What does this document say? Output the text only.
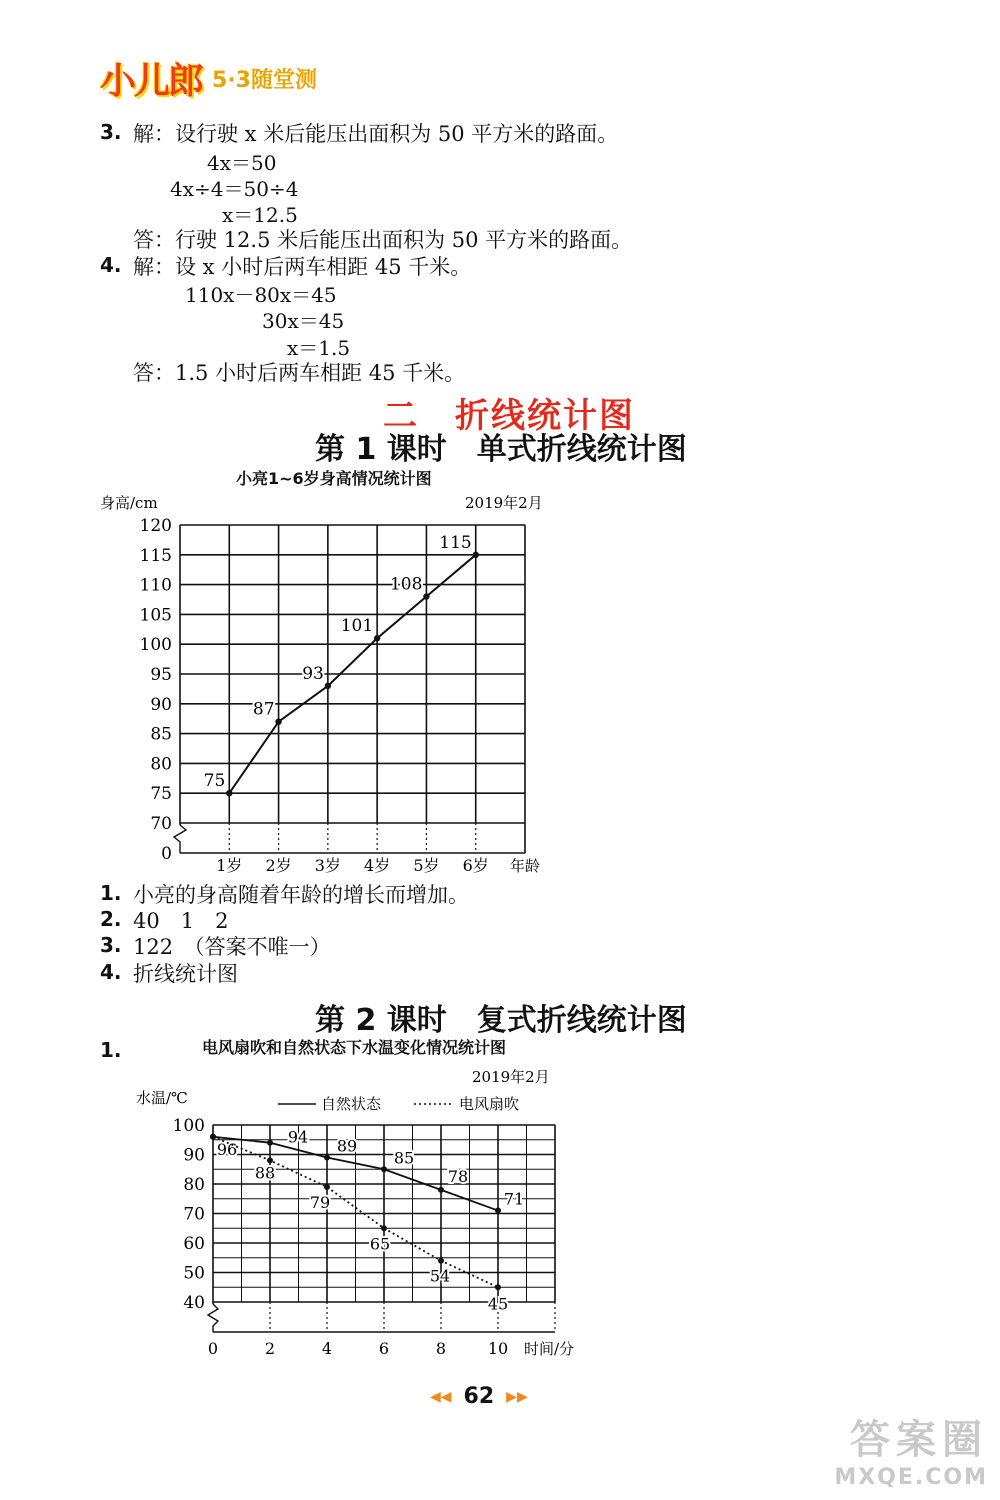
小儿郎 5·3随堂测
3. 解：设行驶 x 米后能压出面积为 50 平方米的路面。
4x＝50
4x÷4＝50÷4
x＝12.5
答：行驶 12.5 米后能压出面积为 50 平方米的路面。
4. 解：设 x 小时后两车相距 45 千米。
110x－80x＝45
30x＝45
x＝1.5
答：1.5 小时后两车相距 45 千米。
二　折线统计图
第 1 课时　单式折线统计图
小亮1~6岁身高情况统计图
身高/cm	2019年2月
0
70
75
80
85
90
95
100
105
110
115
120
1岁 2岁 3岁 4岁 5岁 6岁
75
87
93
101
108
115
年龄
1. 小亮的身高随着年龄的增长而增加。
2. 40　1　2
3. 122　（答案不唯一）
4. 折线统计图
第 2 课时　复式折线统计图
1.	电风扇吹和自然状态下水温变化情况统计图
2019年2月
水温/℃	自然状态	电风扇吹
40
50
60
70
80
90
100
0	2	4	6	8	10
96
94 89
85
78
71
88
79
65
54
45
时间/分
◀◀ 62 ▶▶
答案圈
MXQE.COM
